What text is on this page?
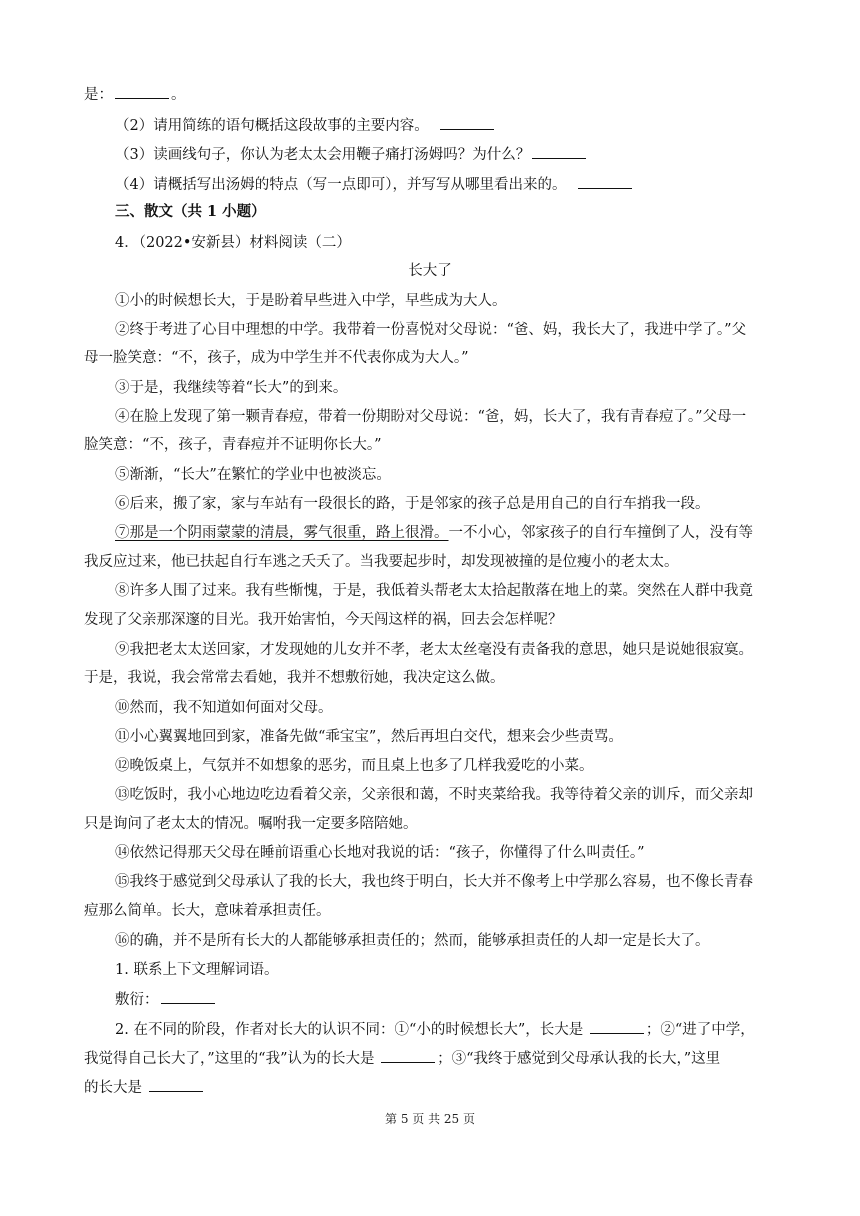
是：	。
（2）请用简练的语句概括这段故事的主要内容。
（3）读画线句子，你认为老太太会用鞭子痛打汤姆吗？为什么？
（4）请概括写出汤姆的特点（写一点即可），并写写从哪里看出来的。
三、散文（共 1 小题）
4．（2022•安新县）材料阅读（二）
长大了
①小的时候想长大，于是盼着早些进入中学，早些成为大人。
②终于考进了心目中理想的中学。我带着一份喜悦对父母说：“爸、妈，我长大了，我进中学了。”父
母一脸笑意：“不，孩子，成为中学生并不代表你成为大人。”
③于是，我继续等着“长大”的到来。
④在脸上发现了第一颗青春痘，带着一份期盼对父母说：“爸，妈，长大了，我有青春痘了。”父母一
脸笑意：“不，孩子，青春痘并不证明你长大。”
⑤渐渐，“长大”在繁忙的学业中也被淡忘。
⑥后来，搬了家，家与车站有一段很长的路，于是邻家的孩子总是用自己的自行车捎我一段。
⑦那是一个阴雨蒙蒙的清晨，雾气很重，路上很滑。一不小心，邻家孩子的自行车撞倒了人，没有等
我反应过来，他已扶起自行车逃之夭夭了。当我要起步时，却发现被撞的是位瘦小的老太太。
⑧许多人围了过来。我有些惭愧，于是，我低着头帮老太太拾起散落在地上的菜。突然在人群中我竟
发现了父亲那深邃的目光。我开始害怕，今天闯这样的祸，回去会怎样呢？
⑨我把老太太送回家，才发现她的儿女并不孝，老太太丝毫没有责备我的意思，她只是说她很寂寞。
于是，我说，我会常常去看她，我并不想敷衍她，我决定这么做。
⑩然而，我不知道如何面对父母。
⑪小心翼翼地回到家，准备先做“乖宝宝”，然后再坦白交代，想来会少些责骂。
⑫晚饭桌上，气氛并不如想象的恶劣，而且桌上也多了几样我爱吃的小菜。
⑬吃饭时，我小心地边吃边看着父亲，父亲很和蔼，不时夹菜给我。我等待着父亲的训斥，而父亲却
只是询问了老太太的情况。嘱咐我一定要多陪陪她。
⑭依然记得那天父母在睡前语重心长地对我说的话：“孩子，你懂得了什么叫责任。”
⑮我终于感觉到父母承认了我的长大，我也终于明白，长大并不像考上中学那么容易，也不像长青春
痘那么简单。长大，意味着承担责任。
⑯的确，并不是所有长大的人都能够承担责任的；然而，能够承担责任的人却一定是长大了。
1. 联系上下文理解词语。
敷衍：
2. 在不同的阶段，作者对长大的认识不同：①“小的时候想长大”，长大是	；②“进了中学，
我觉得自己长大了，”这里的“我”认为的长大是	；③“我终于感觉到父母承认我的长大，”这里
的长大是
第 5 页 共 25 页
